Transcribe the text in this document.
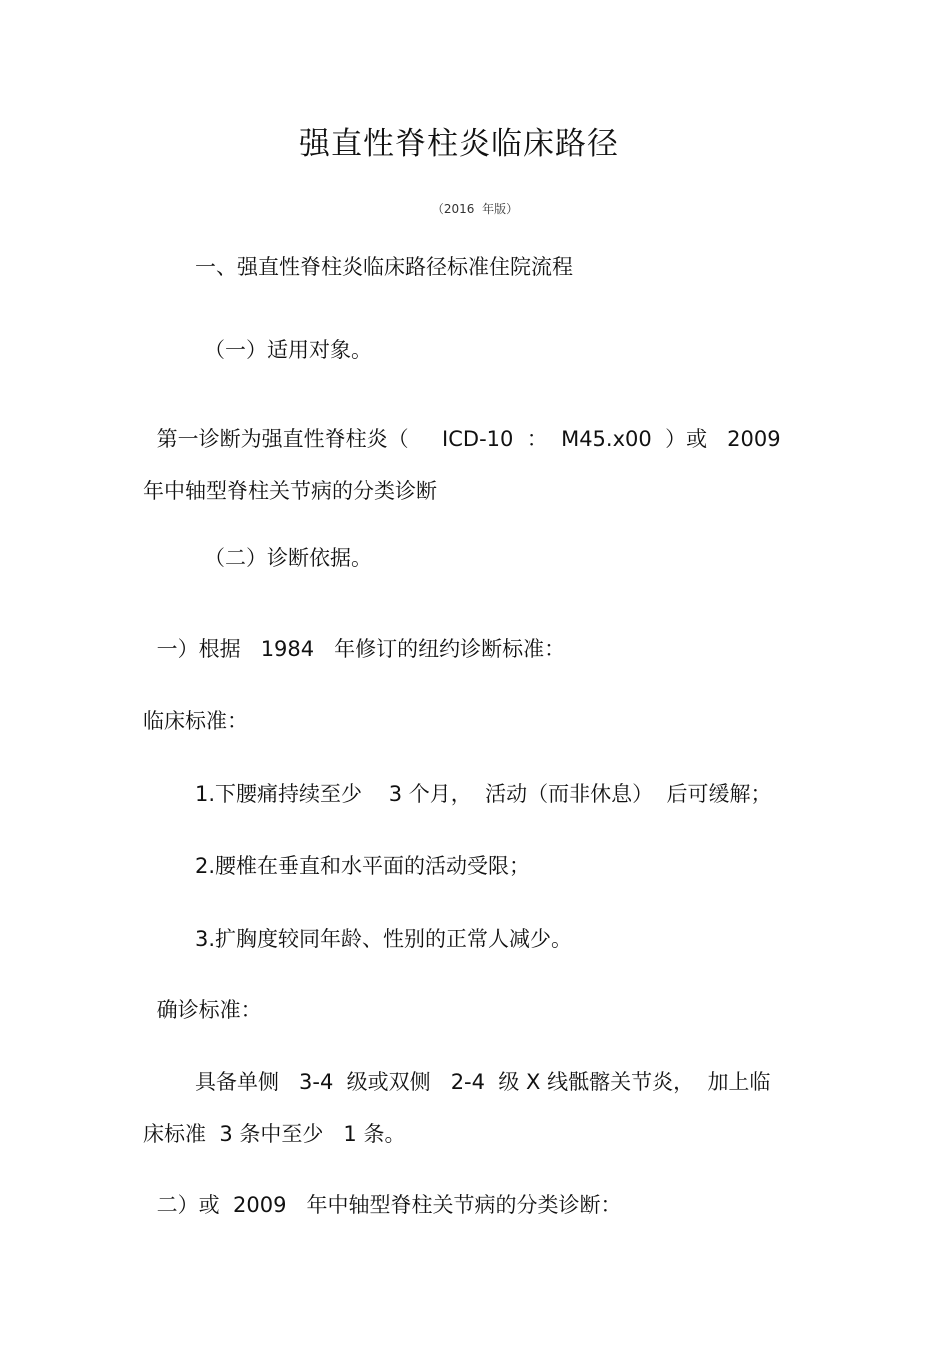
强直性脊柱炎临床路径
（2016  年版）
一、强直性脊柱炎临床路径标准住院流程
（一）适用对象。
第一诊断为强直性脊柱炎（     ICD-10  ：  M45.x00  ）或   2009
年中轴型脊柱关节病的分类诊断
（二）诊断依据。
一）根据   1984   年修订的纽约诊断标准：
临床标准：
1.下腰痛持续至少    3 个月，  活动（而非休息）  后可缓解；
2.腰椎在垂直和水平面的活动受限；
3.扩胸度较同年龄、性别的正常人减少。
确诊标准：
具备单侧   3-4  级或双侧   2-4  级 X 线骶髂关节炎，  加上临
床标准  3 条中至少   1 条。
二）或  2009   年中轴型脊柱关节病的分类诊断：
